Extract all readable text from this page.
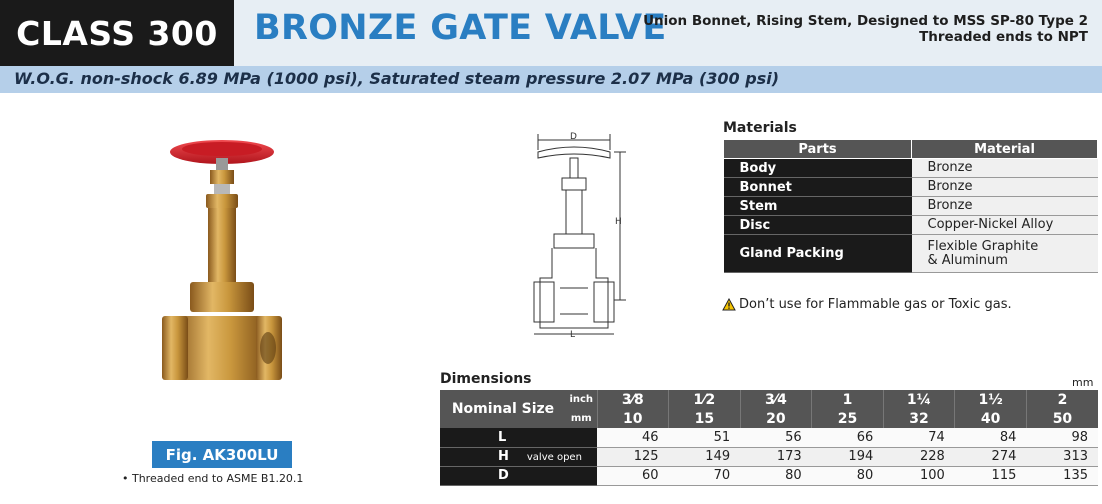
CLASS 300	BRONZE GATE VALVE
Union Bonnet, Rising Stem, Designed to MSS SP-80 Type 2
Threaded ends to NPT
W.O.G. non-shock 6.89 MPa (1000 psi), Saturated steam pressure 2.07 MPa (300 psi)
Fig. AK300LU
• Threaded end to ASME B1.20.1
D
H
L
Materials
Parts	Material
Body	Bronze
Bonnet	Bronze
Stem	Bronze
Disc	Copper-Nickel Alloy
Gland Packing	Flexible Graphite
& Aluminum
Don’t use for Flammable gas or Toxic gas.
Dimensions	mm
Nominal Size	inch	3⁄8	1⁄2	3⁄4	1	1¼	1½	2
	mm	10	15	20	25	32	40	50
L		46	51	56	66	74	84	98
H valve open		125	149	173	194	228	274	313
D		60	70	80	80	100	115	135
